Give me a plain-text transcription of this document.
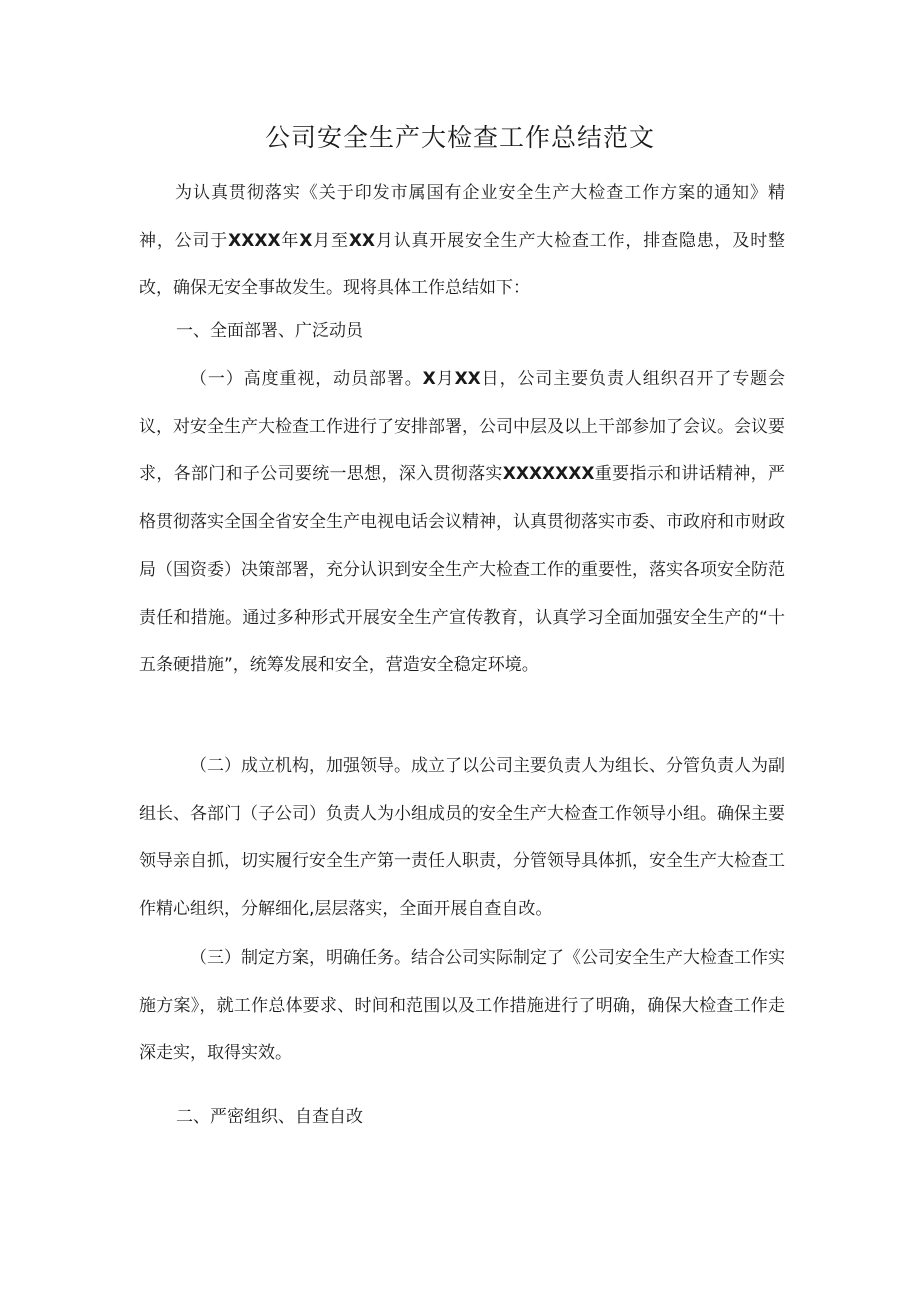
公司安全生产大检查工作总结范文

为认真贯彻落实《关于印发市属国有企业安全生产大检查工作方案的通知》精神，公司于XXXX年X月至XX月认真开展安全生产大检查工作，排查隐患，及时整改，确保无安全事故发生。现将具体工作总结如下：

一、全面部署、广泛动员

（一）高度重视，动员部署。X月XX日，公司主要负责人组织召开了专题会议，对安全生产大检查工作进行了安排部署，公司中层及以上干部参加了会议。会议要求，各部门和子公司要统一思想，深入贯彻落实XXXXXXX重要指示和讲话精神，严格贯彻落实全国全省安全生产电视电话会议精神，认真贯彻落实市委、市政府和市财政局（国资委）决策部署，充分认识到安全生产大检查工作的重要性，落实各项安全防范责任和措施。通过多种形式开展安全生产宣传教育，认真学习全面加强安全生产的“十五条硬措施”，统筹发展和安全，营造安全稳定环境。

（二）成立机构，加强领导。成立了以公司主要负责人为组长、分管负责人为副组长、各部门（子公司）负责人为小组成员的安全生产大检查工作领导小组。确保主要领导亲自抓，切实履行安全生产第一责任人职责，分管领导具体抓，安全生产大检查工作精心组织，分解细化,层层落实，全面开展自查自改。

（三）制定方案，明确任务。结合公司实际制定了《公司安全生产大检查工作实施方案》，就工作总体要求、时间和范围以及工作措施进行了明确，确保大检查工作走深走实，取得实效。

二、严密组织、自查自改
